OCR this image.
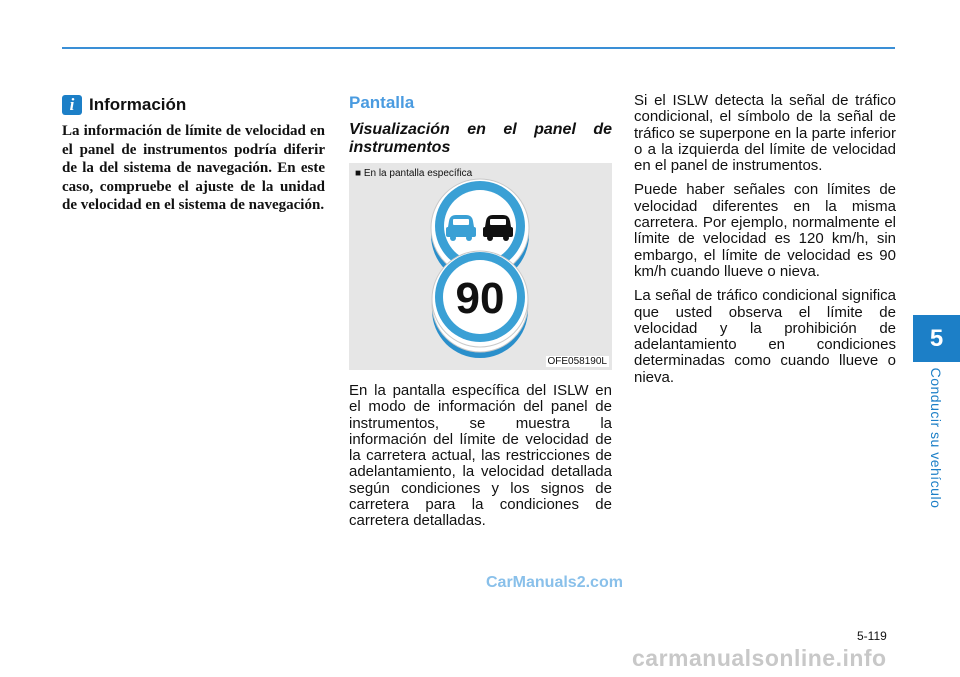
5
Conducir su vehículo
i Información

La información de límite de velocidad en el panel de instrumentos podría diferir de la del sistema de navegación. En este caso, compruebe el ajuste de la unidad de velocidad en el sistema de navegación.

Pantalla

Visualización en el panel de instrumentos

90
■ En la pantalla específica
OFE058190L

En la pantalla específica del ISLW en el modo de información del panel de instrumentos, se muestra la información del límite de velocidad de la carretera actual, las restricciones de adelantamiento, la velocidad detallada según condiciones y los signos de carretera para la condiciones de carretera detalladas.

Si el ISLW detecta la señal de tráfico condicional, el símbolo de la señal de tráfico se superpone en la parte inferior o a la izquierda del límite de velocidad en el panel de instrumentos.

Puede haber señales con límites de velocidad diferentes en la misma carretera. Por ejemplo, normalmente el límite de velocidad es 120 km/h, sin embargo, el límite de velocidad es 90 km/h cuando llueve o nieva.

La señal de tráfico condicional significa que usted observa el límite de velocidad y la prohibición de adelantamiento en condiciones determinadas como cuando llueve o nieva.

CarManuals2.com
5-119
carmanualsonline.info
